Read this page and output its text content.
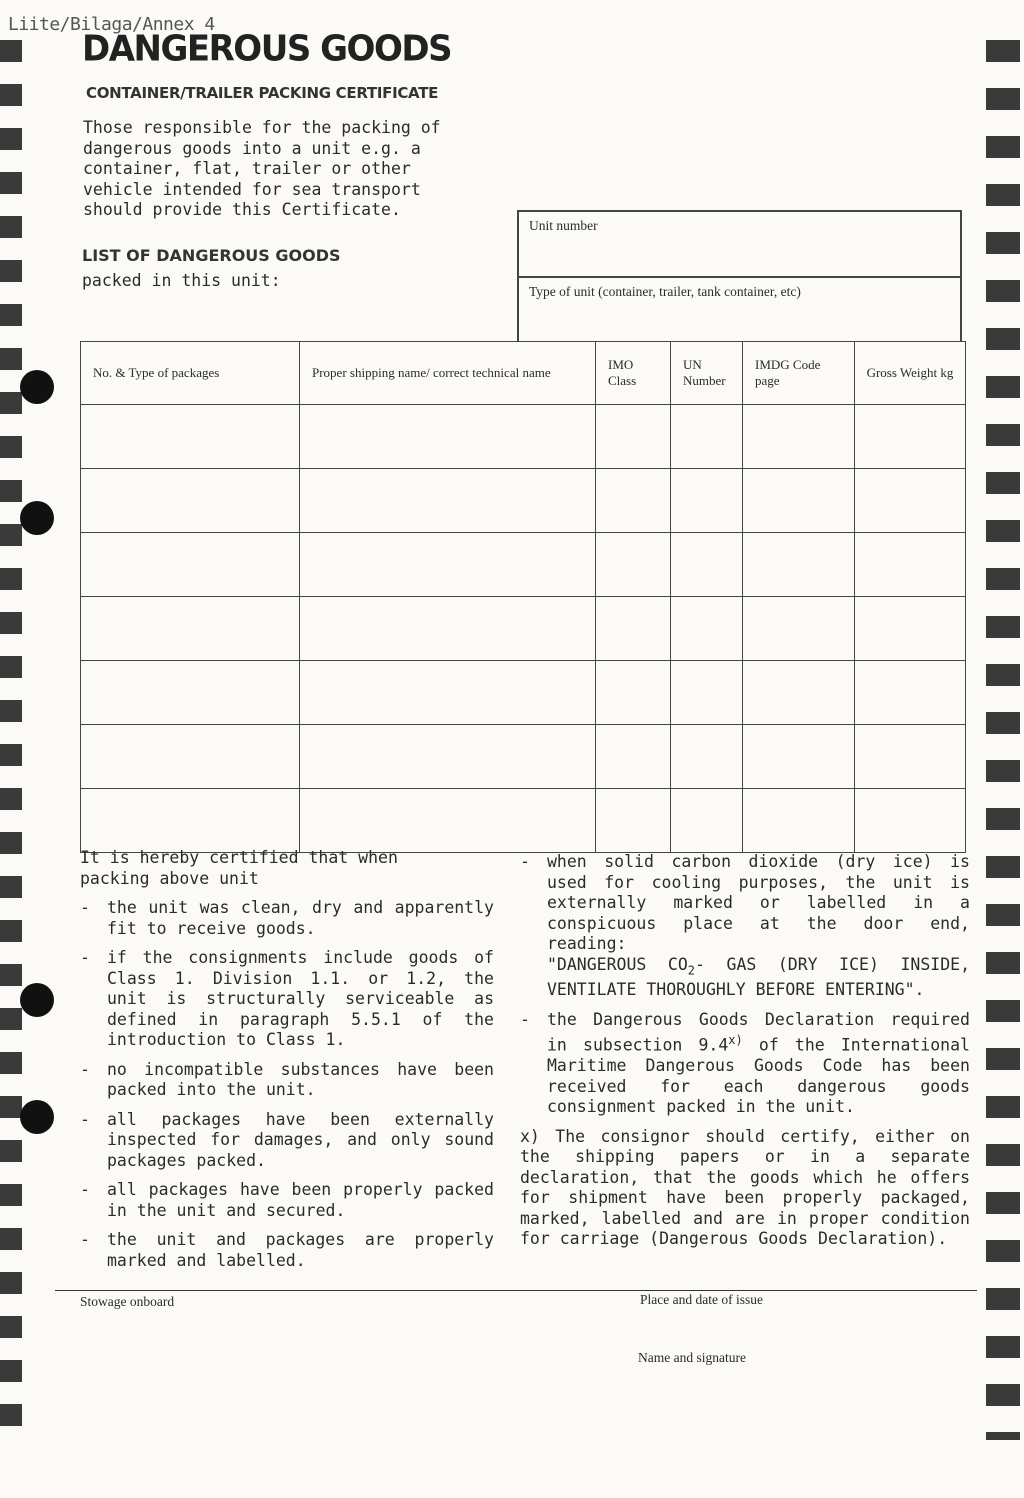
Liite/Bilaga/Annex 4
DANGEROUS GOODS
CONTAINER/TRAILER PACKING CERTIFICATE
Those responsible for the packing of dangerous goods into a unit e.g. a container, flat, trailer or other vehicle intended for sea transport should provide this Certificate.
LIST OF DANGEROUS GOODS
packed in this unit:
Unit number
Type of unit (container, trailer, tank container, etc)
No. & Type of packages	Proper shipping name/ correct technical name	IMO Class	UN Number	IMDG Code page	Gross Weight kg

It is hereby certified that when packing above unit
- the unit was clean, dry and apparently fit to receive goods.
- if the consignments include goods of Class 1. Division 1.1. or 1.2, the unit is structurally serviceable as defined in paragraph 5.5.1 of the introduction to Class 1.
- no incompatible substances have been packed into the unit.
- all packages have been externally inspected for damages, and only sound packages packed.
- all packages have been properly packed in the unit and secured.
- the unit and packages are properly marked and labelled.
- when solid carbon dioxide (dry ice) is used for cooling purposes, the unit is externally marked or labelled in a conspicuous place at the door end, reading:
"DANGEROUS $CO_2-$ GAS (DRY ICE) INSIDE, VENTILATE THOROUGHLY BEFORE ENTERING".
- the Dangerous Goods Declaration required in subsection 9.4$^{x)}$ of the International Maritime Dangerous Goods Code has been received for each dangerous goods consignment packed in the unit.
x) The consignor should certify, either on the shipping papers or in a separate declaration, that the goods which he offers for shipment have been properly packaged, marked, labelled and are in proper condition for carriage (Dangerous Goods Declaration).
Stowage onboard	Place and date of issue
Name and signature
